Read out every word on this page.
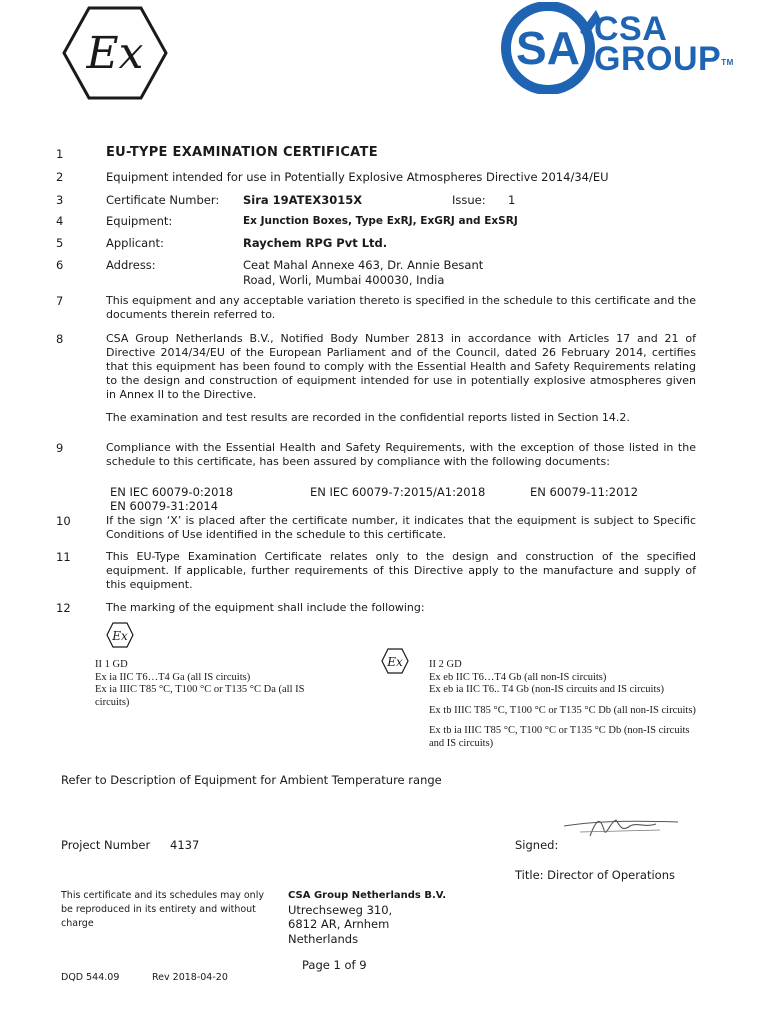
Ex	SA CSA
GROUP™
1	EU-TYPE EXAMINATION CERTIFICATE
2	Equipment intended for use in Potentially Explosive Atmospheres Directive 2014/34/EU
3	Certificate Number: Sira 19ATEX3015X	Issue: 1
4	Equipment:	Ex Junction Boxes, Type ExRJ, ExGRJ and ExSRJ
5	Applicant:	Raychem RPG Pvt Ltd.
6	Address:	Ceat Mahal Annexe 463, Dr. Annie Besant
Road, Worli, Mumbai 400030, India
7	This equipment and any acceptable variation thereto is specified in the schedule to this certificate and the documents therein referred to.
8	CSA Group Netherlands B.V., Notified Body Number 2813 in accordance with Articles 17 and 21 of Directive 2014/34/EU of the European Parliament and of the Council, dated 26 February 2014, certifies that this equipment has been found to comply with the Essential Health and Safety Requirements relating to the design and construction of equipment intended for use in potentially explosive atmospheres given in Annex II to the Directive.
The examination and test results are recorded in the confidential reports listed in Section 14.2.
9	Compliance with the Essential Health and Safety Requirements, with the exception of those listed in the schedule to this certificate, has been assured by compliance with the following documents:
EN IEC 60079-0:2018	EN IEC 60079-7:2015/A1:2018	EN 60079-11:2012
EN 60079-31:2014
10	If the sign ‘X’ is placed after the certificate number, it indicates that the equipment is subject to Specific Conditions of Use identified in the schedule to this certificate.
11	This EU-Type Examination Certificate relates only to the design and construction of the specified equipment. If applicable, further requirements of this Directive apply to the manufacture and supply of this equipment.
12	The marking of the equipment shall include the following:
Ex
Ex
II 1 GD
Ex ia IIC T6…T4 Ga (all IS circuits)
Ex ia IIIC T85 °C, T100 °C or T135 °C Da (all IS circuits)
II 2 GD
Ex eb IIC T6…T4 Gb (all non-IS circuits)
Ex eb ia IIC T6.. T4 Gb (non-IS circuits and IS circuits)
Ex tb IIIC T85 °C, T100 °C or T135 °C Db (all non-IS circuits)
Ex tb ia IIIC T85 °C, T100 °C or T135 °C Db (non-IS circuits and IS circuits)
Refer to Description of Equipment for Ambient Temperature range
Project Number 4137	Signed:
Title: Director of Operations
This certificate and its schedules may only be reproduced in its entirety and without charge
CSA Group Netherlands B.V.
Utrechseweg 310,
6812 AR, Arnhem
Netherlands
Page 1 of 9
DQD 544.09	Rev 2018-04-20
